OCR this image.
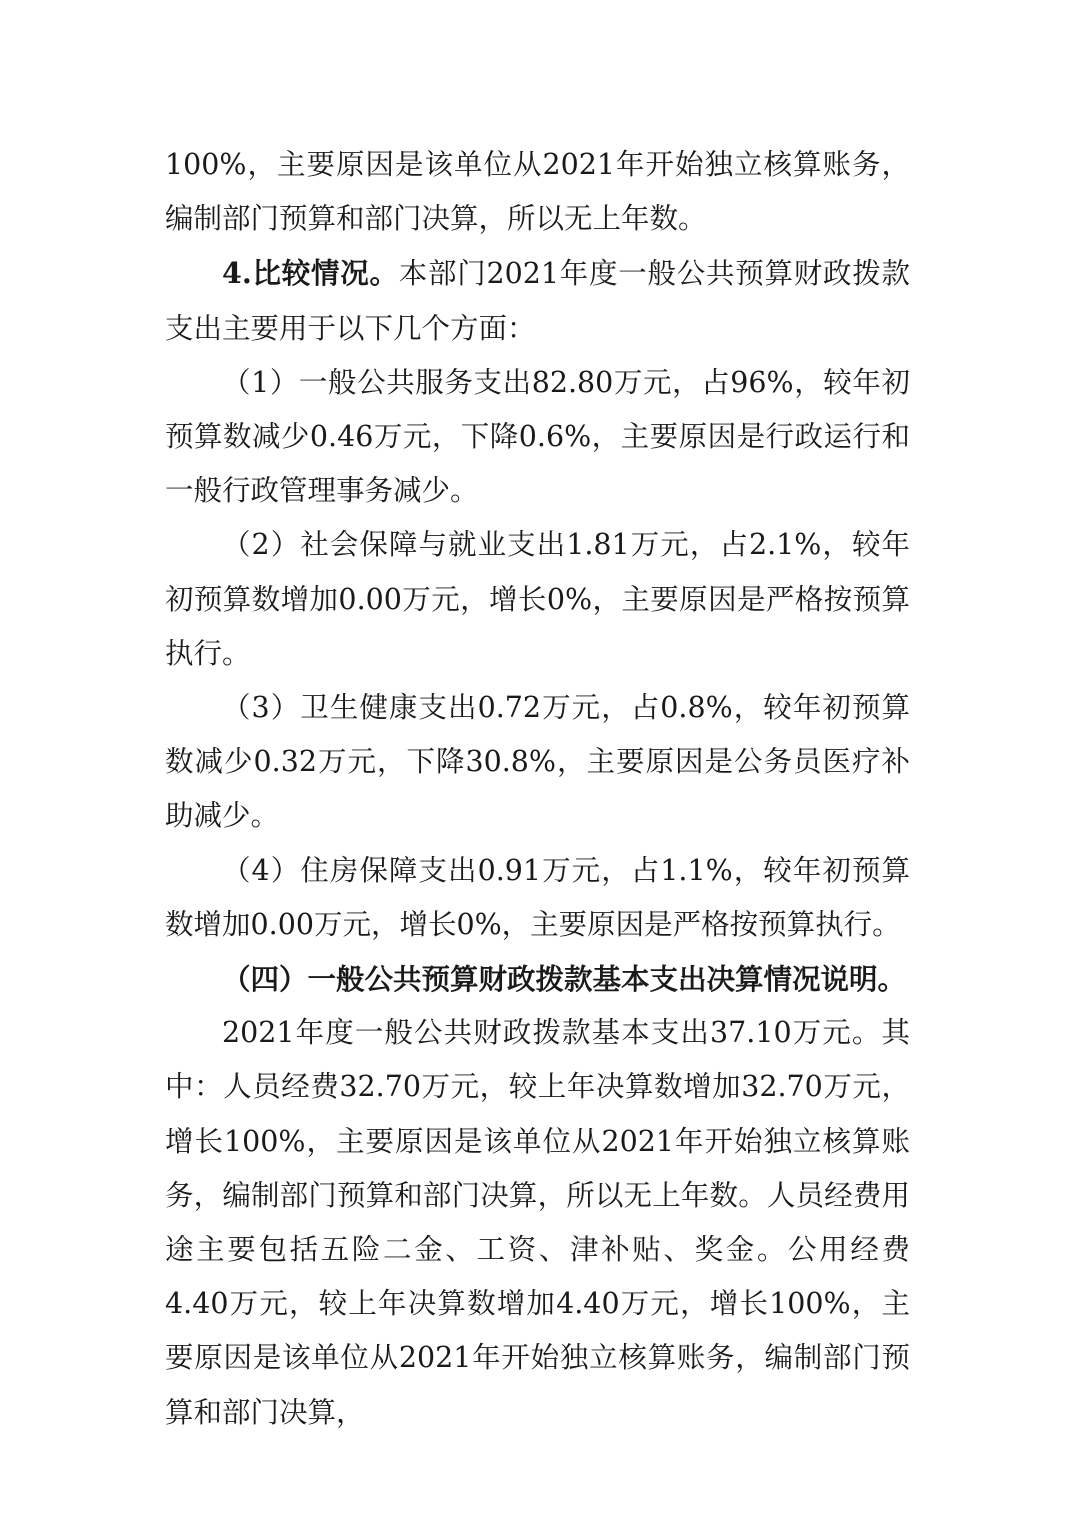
100%，主要原因是该单位从2021年开始独立核算账务，编制部门预算和部门决算，所以无上年数。

4.比较情况。本部门2021年度一般公共预算财政拨款支出主要用于以下几个方面：

（1）一般公共服务支出82.80万元，占96%，较年初预算数减少0.46万元，下降0.6%，主要原因是行政运行和一般行政管理事务减少。

（2）社会保障与就业支出1.81万元，占2.1%，较年初预算数增加0.00万元，增长0%，主要原因是严格按预算执行。

（3）卫生健康支出0.72万元，占0.8%，较年初预算数减少0.32万元，下降30.8%，主要原因是公务员医疗补助减少。

（4）住房保障支出0.91万元，占1.1%，较年初预算数增加0.00万元，增长0%，主要原因是严格按预算执行。

（四）一般公共预算财政拨款基本支出决算情况说明。

2021年度一般公共财政拨款基本支出37.10万元。其中：人员经费32.70万元，较上年决算数增加32.70万元，增长100%，主要原因是该单位从2021年开始独立核算账务，编制部门预算和部门决算，所以无上年数。人员经费用途主要包括五险二金、工资、津补贴、奖金。公用经费4.40万元，较上年决算数增加4.40万元，增长100%，主要原因是该单位从2021年开始独立核算账务，编制部门预算和部门决算，
